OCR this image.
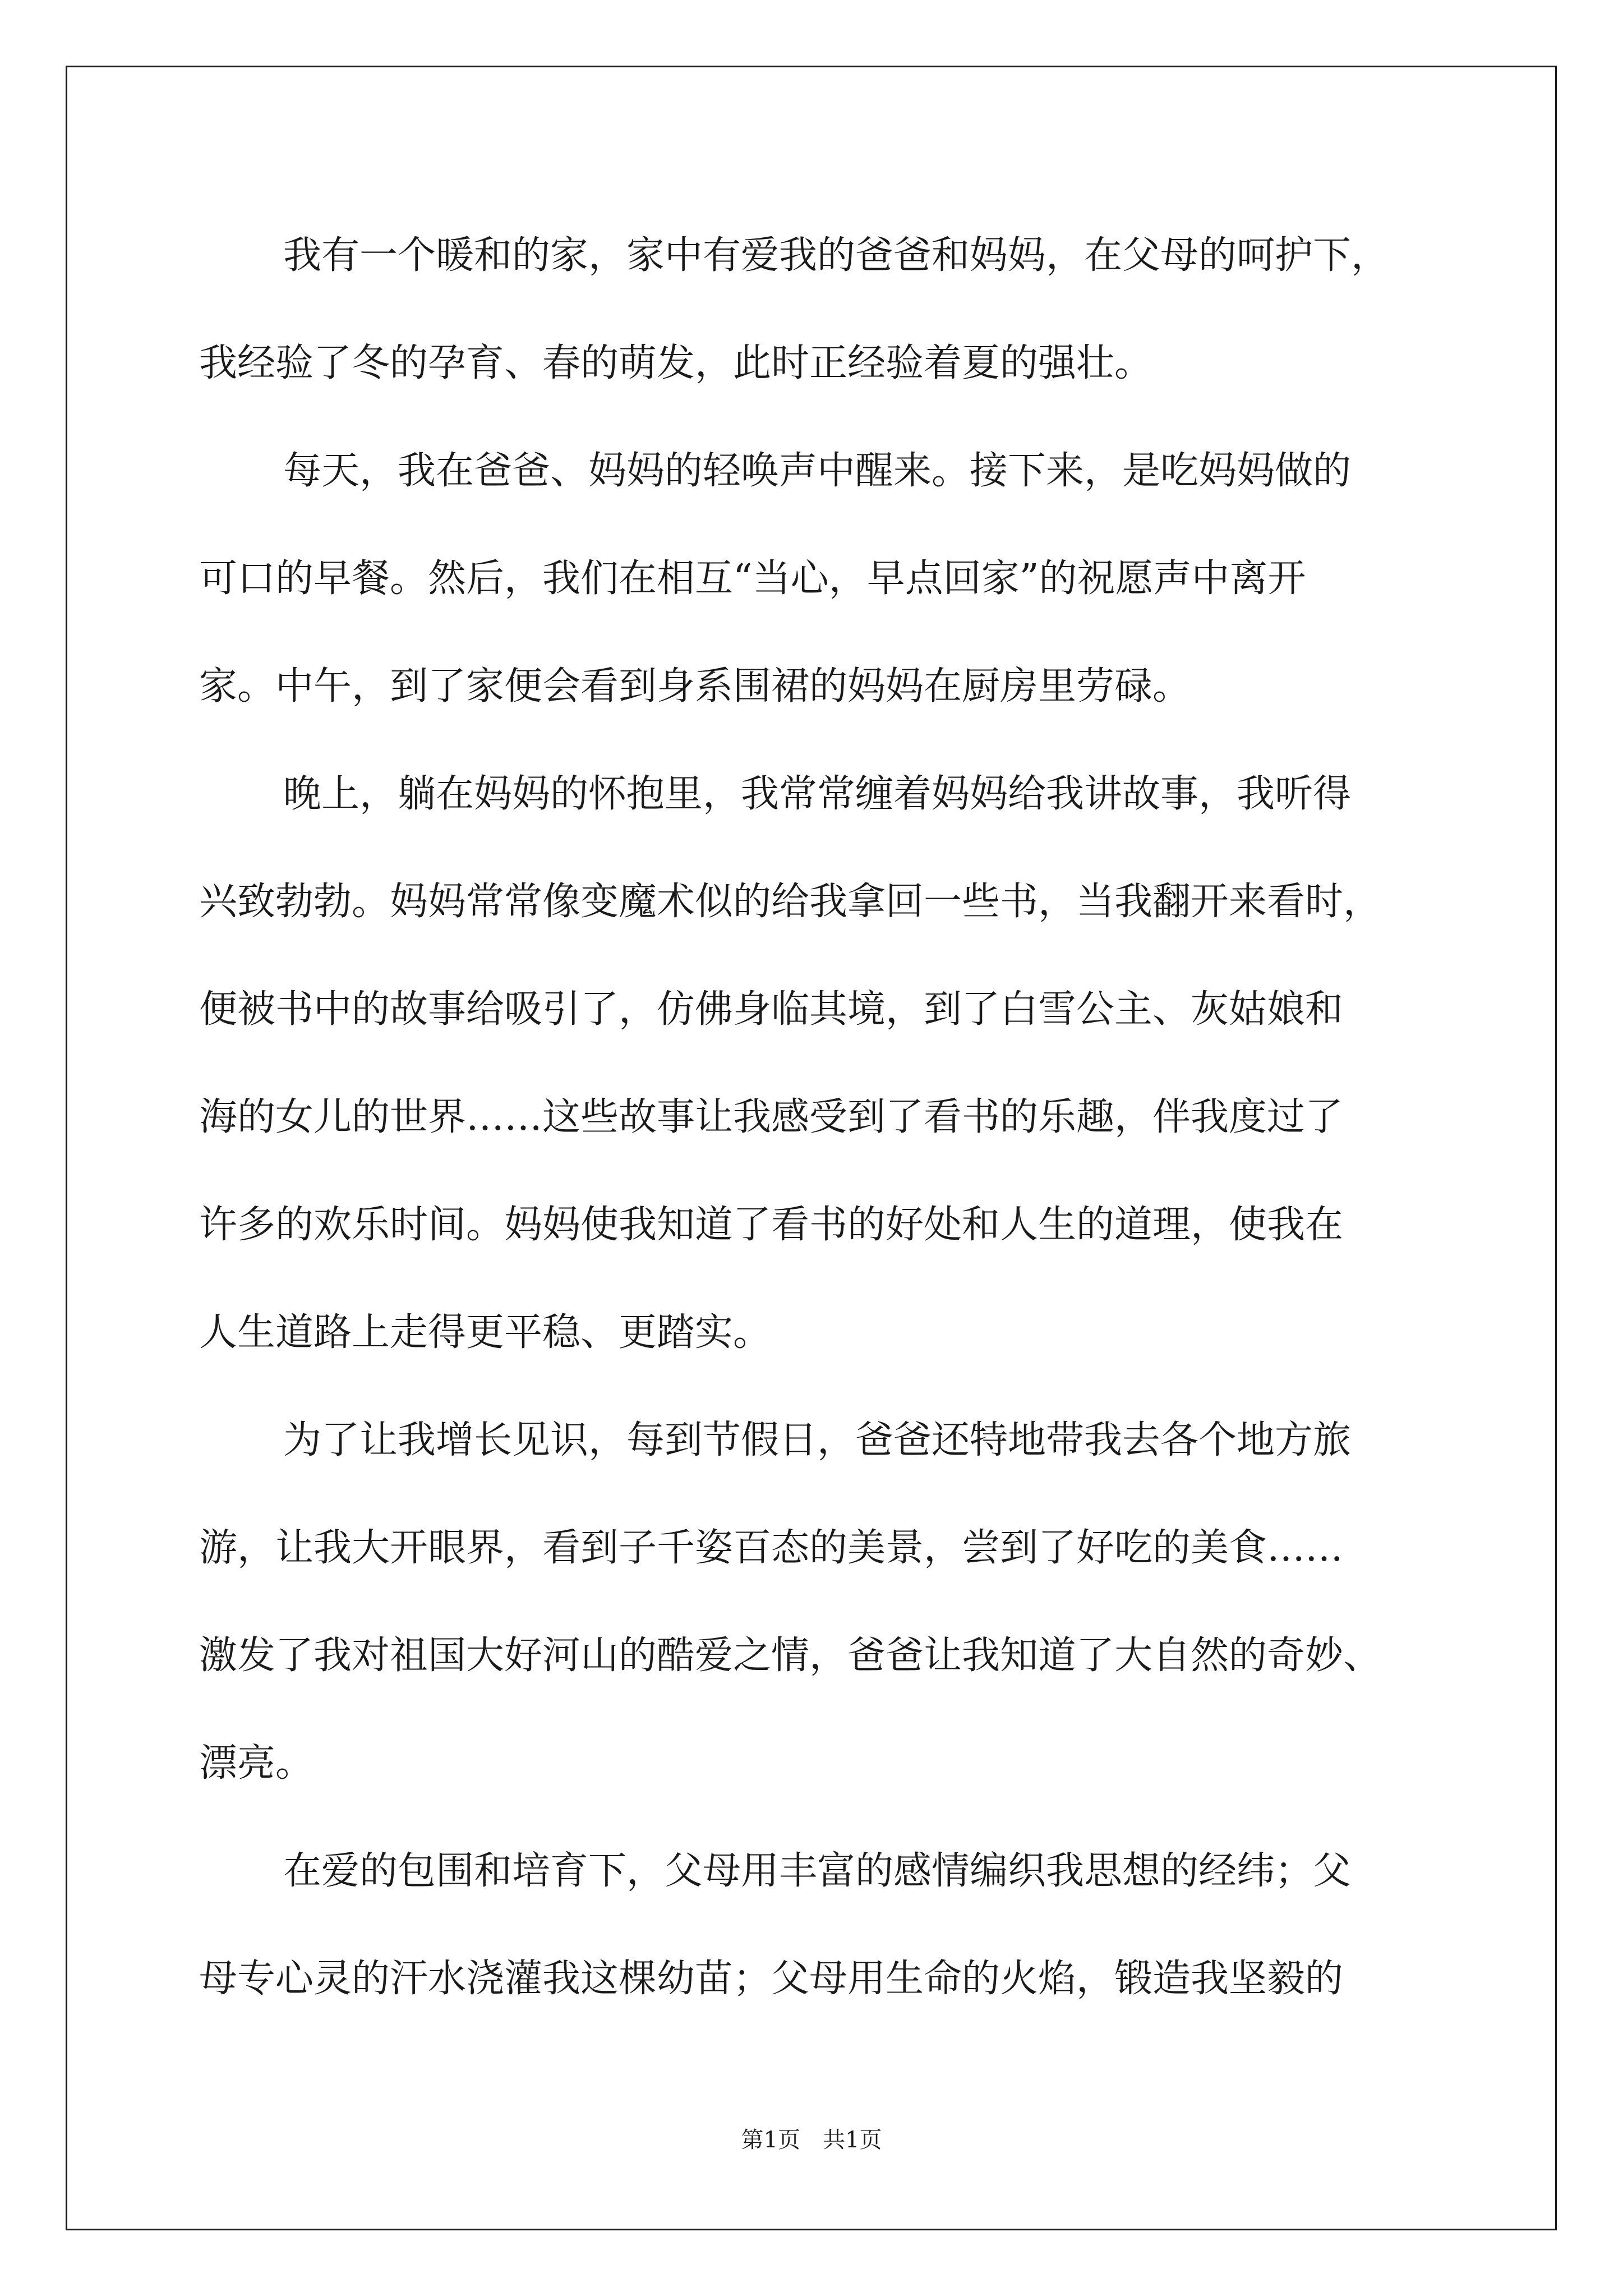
我有一个暖和的家，家中有爱我的爸爸和妈妈，在父母的呵护下，
我经验了冬的孕育、春的萌发，此时正经验着夏的强壮。
每天，我在爸爸、妈妈的轻唤声中醒来。接下来，是吃妈妈做的
可口的早餐。然后，我们在相互“当心，早点回家”的祝愿声中离开
家。中午，到了家便会看到身系围裙的妈妈在厨房里劳碌。
晚上，躺在妈妈的怀抱里，我常常缠着妈妈给我讲故事，我听得
兴致勃勃。妈妈常常像变魔术似的给我拿回一些书，当我翻开来看时，
便被书中的故事给吸引了，仿佛身临其境，到了白雪公主、灰姑娘和
海的女儿的世界……这些故事让我感受到了看书的乐趣，伴我度过了
许多的欢乐时间。妈妈使我知道了看书的好处和人生的道理，使我在
人生道路上走得更平稳、更踏实。
为了让我增长见识，每到节假日，爸爸还特地带我去各个地方旅
游，让我大开眼界，看到子千姿百态的美景，尝到了好吃的美食……
激发了我对祖国大好河山的酷爱之情，爸爸让我知道了大自然的奇妙、
漂亮。
在爱的包围和培育下，父母用丰富的感情编织我思想的经纬；父
母专心灵的汗水浇灌我这棵幼苗；父母用生命的火焰，锻造我坚毅的
第1页　共1页
